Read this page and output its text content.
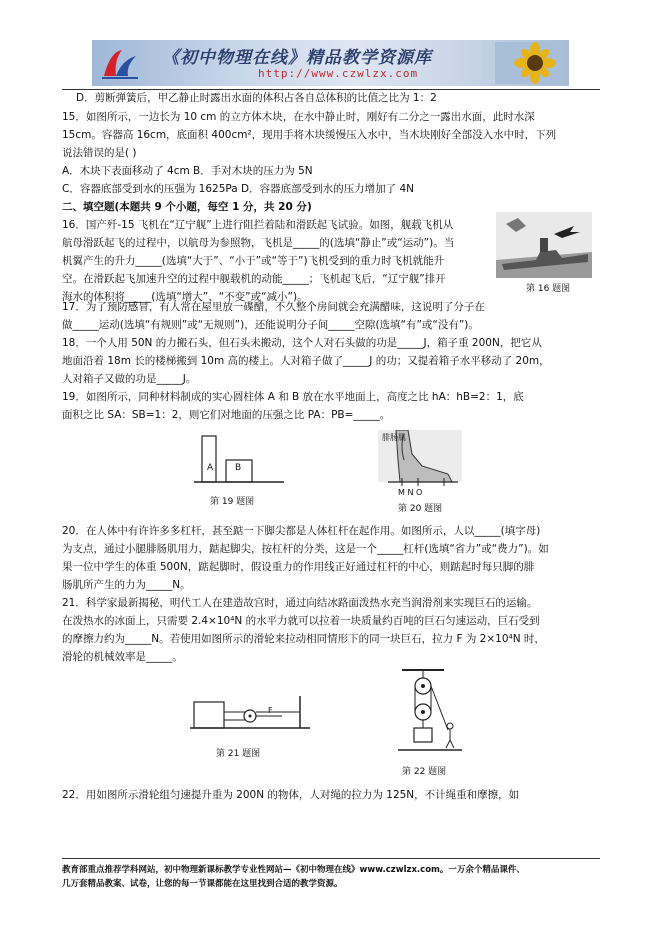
《初中物理在线》精品教学资源库
http://www.czwlzx.com
D．剪断弹簧后，甲乙静止时露出水面的体积占各自总体积的比值之比为 1：2
15．如图所示，一边长为 10 cm 的立方体木块，在水中静止时，刚好有二分之一露出水面，此时水深
15cm。容器高 16cm，底面积 400cm²，现用手将木块缓慢压入水中，当木块刚好全部没入水中时，下列
说法错误的是( )
A．木块下表面移动了 4cm B．手对木块的压力为 5N
C．容器底部受到水的压强为 1625Pa D．容器底部受到水的压力增加了 4N
二、填空题(本题共 9 个小题，每空 1 分，共 20 分)
16．国产歼-15 飞机在“辽宁舰”上进行阻拦着陆和滑跃起飞试验。如图，舰载飞机从
航母滑跃起飞的过程中，以航母为参照物，飞机是_____的(选填“静止”或“运动”)。当
机翼产生的升力_____(选填“大于”、“小于”或“等于”)飞机受到的重力时飞机就能升
空。在滑跃起飞加速升空的过程中舰载机的动能_____；飞机起飞后，“辽宁舰”排开
海水的体积将_____(选填“增大”、“不变”或“减小”)。
第 16 题图
17．为了预防感冒，有人常在屋里放一碟醋，不久整个房间就会充满醋味，这说明了分子在
做_____运动(选填“有规则”或“无规则”)，还能说明分子间_____空隙(选填“有”或“没有”)。
18．一个人用 50N 的力搬石头，但石头未搬动，这个人对石头做的功是_____J，箱子重 200N，把它从
地面沿着 18m 长的楼梯搬到 10m 高的楼上。人对箱子做了_____J 的功；又提着箱子水平移动了 20m，
人对箱子又做的功是_____J。
19．如图所示，同种材料制成的实心圆柱体 A 和 B 放在水平地面上，高度之比 hA：hB=2：1，底
面积之比 SA：SB=1：2，则它们对地面的压强之比 PA：PB=_____。
A B
第 19 题图
腓肠肌
M N O
第 20 题图
20．在人体中有许许多多杠杆，甚至踮一下脚尖都是人体杠杆在起作用。如图所示，人以_____(填字母)
为支点，通过小腿腓肠肌用力，踮起脚尖，按杠杆的分类，这是一个_____杠杆(选填“省力”或“费力”)。如
果一位中学生的体重 500N，踮起脚时，假设重力的作用线正好通过杠杆的中心，则踮起时每只脚的腓
肠肌所产生的力为_____N。
21．科学家最新揭秘，明代工人在建造故宫时，通过向结冰路面泼热水充当润滑剂来实现巨石的运输。
在泼热水的冰面上，只需要 2.4×10⁴N 的水平力就可以拉着一块质量约百吨的巨石匀速运动，巨石受到
的摩擦力约为_____N。若使用如图所示的滑轮来拉动相同情形下的同一块巨石，拉力 F 为 2×10⁴N 时，
滑轮的机械效率是_____。
F
第 21 题图
第 22 题图
22．用如图所示滑轮组匀速提升重为 200N 的物体，人对绳的拉力为 125N，不计绳重和摩擦，如
教育部重点推荐学科网站，初中物理新课标教学专业性网站—《初中物理在线》www.czwlzx.com。一万余个精品课件、
几万套精品教案、试卷，让您的每一节课都能在这里找到合适的教学资源。
